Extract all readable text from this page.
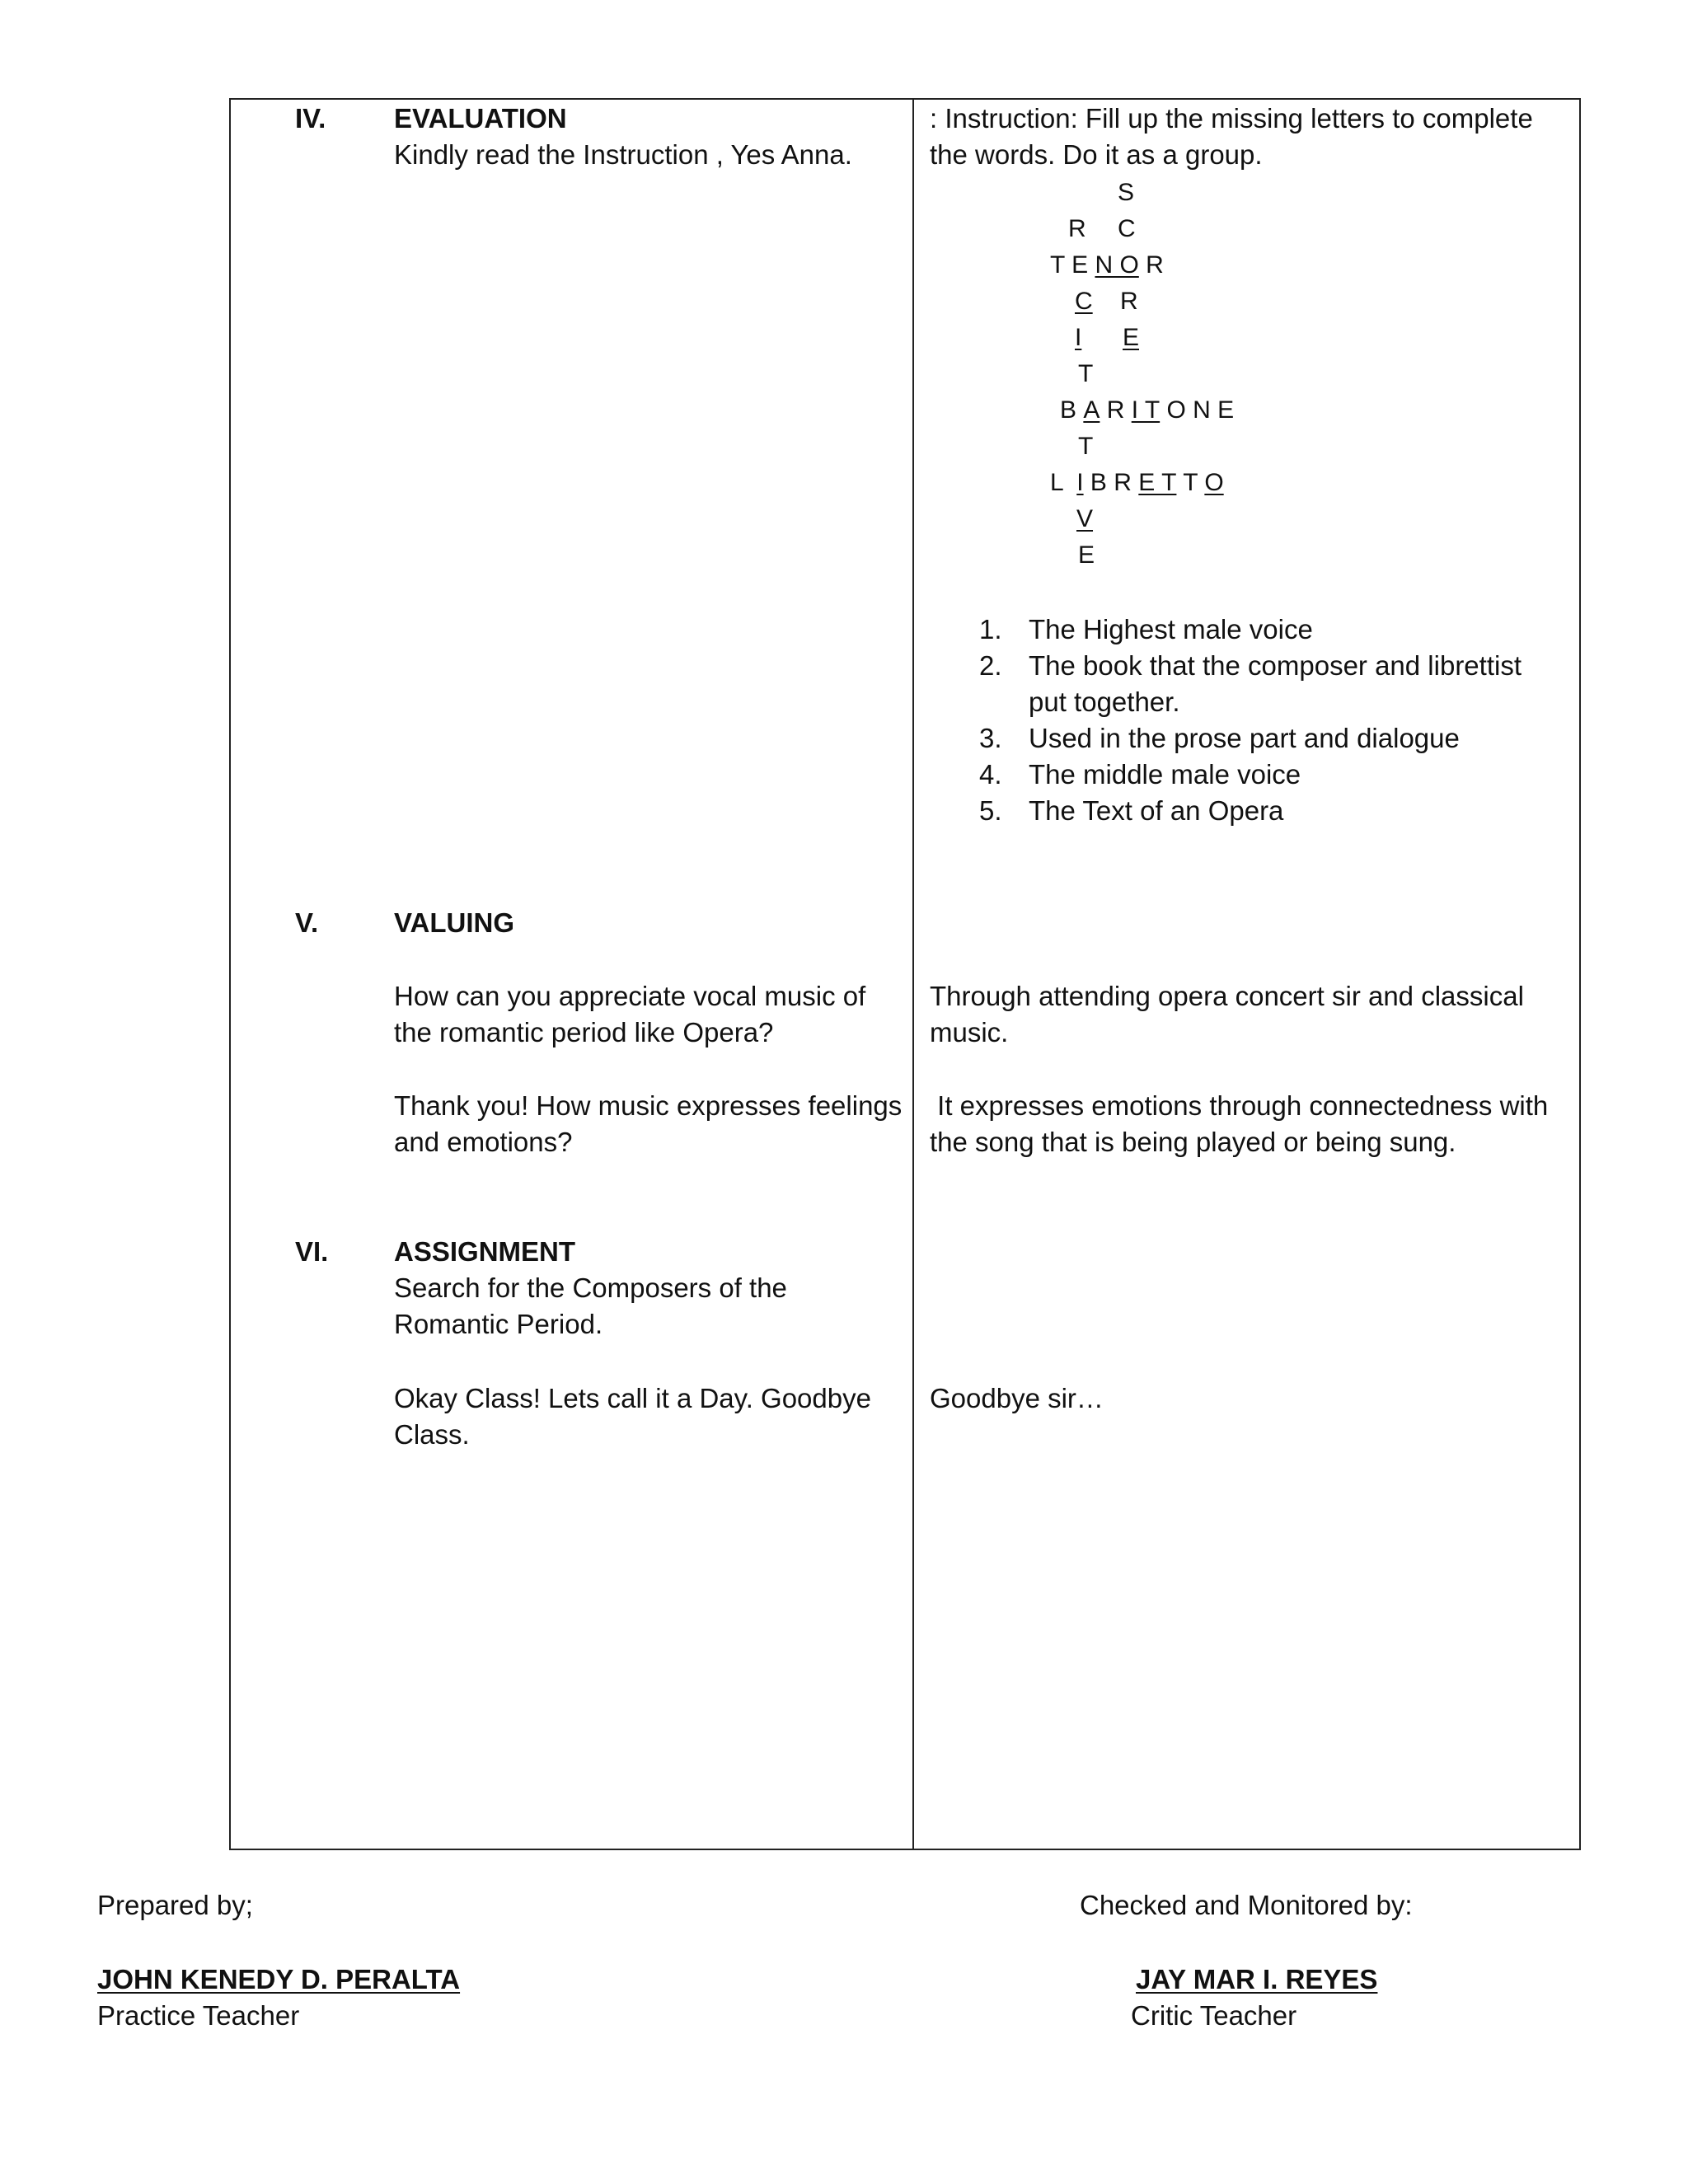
IV.	EVALUATION
Kindly read the Instruction , Yes Anna.
: Instruction: Fill up the missing letters to complete the words. Do it as a group.
S
R C
T E N O R
C R
I E
T
B A R I T O N E
T
L  I B R E T T O
V
E
1. The Highest male voice
2. The book that the composer and librettist put together.
3. Used in the prose part and dialogue
4. The middle male voice
5. The Text of an Opera
V.	VALUING
How can you appreciate vocal music of the romantic period like Opera?
Through attending opera concert sir and classical music.
Thank you! How music expresses feelings and emotions?
It expresses emotions through connectedness with the song that is being played or being sung.
VI. ASSIGNMENT
Search for the Composers of the Romantic Period.
Okay Class! Lets call it a Day. Goodbye Class.
Goodbye sir…
Prepared by;
JOHN KENEDY D. PERALTA
Practice Teacher
Checked and Monitored by:
JAY MAR I. REYES
Critic Teacher
